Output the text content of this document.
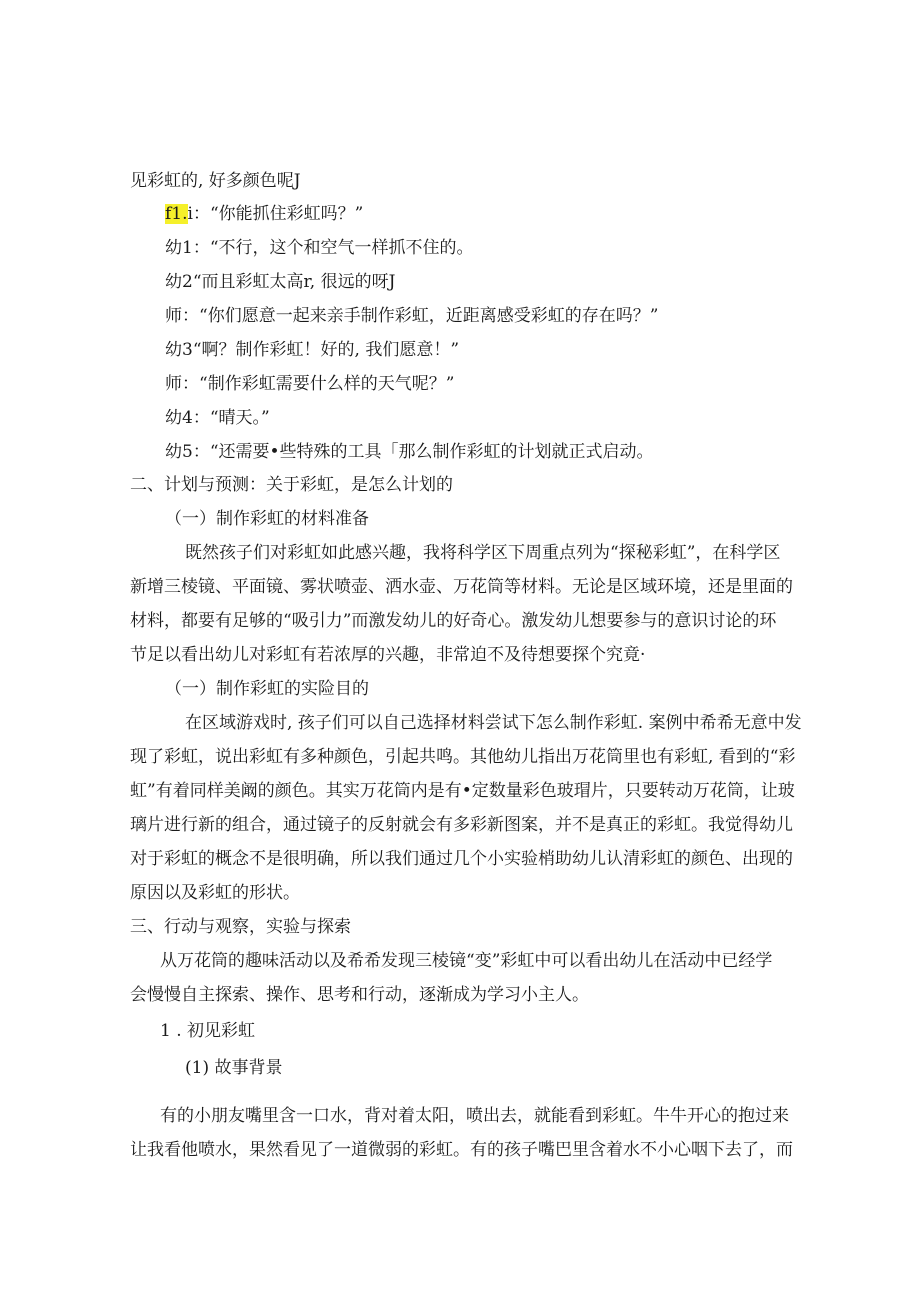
见彩虹的, 好多颜色呢J

f1.i：“你能抓住彩虹吗？”

幼1：“不行，这个和空气一样抓不住的。

幼2“而且彩虹太高r, 很远的呀J

师：“你们愿意一起来亲手制作彩虹，近距离感受彩虹的存在吗？”

幼3“啊？制作彩虹！好的, 我们愿意！”

师：“制作彩虹需要什么样的天气呢？”

幼4：“晴天。”

幼5：“还需要•些特殊的工具「那么制作彩虹的计划就正式启动。

二、计划与预测：关于彩虹，是怎么计划的

（一）制作彩虹的材料准备

既然孩子们对彩虹如此感兴趣，我将科学区下周重点列为“探秘彩虹”，在科学区

新增三棱镜、平面镜、雾状喷壶、洒水壶、万花筒等材料。无论是区域环境，还是里面的

材料，都要有足够的“吸引力”而激发幼儿的好奇心。激发幼儿想要参与的意识讨论的环

节足以看出幼儿对彩虹有若浓厚的兴趣，非常迫不及待想要探个究竟·

（一）制作彩虹的实险目的

在区域游戏时, 孩子们可以自己选择材料尝试下怎么制作彩虹. 案例中希希无意中发

现了彩虹，说出彩虹有多种颜色，引起共鸣。其他幼儿指出万花筒里也有彩虹, 看到的“彩

虹”有着同样美阚的颜色。其实万花筒内是有•定数量彩色玻瑁片，只要转动万花筒，让玻

璃片进行新的组合，通过镜子的反射就会有多彩新图案，并不是真正的彩虹。我觉得幼儿

对于彩虹的概念不是很明确，所以我们通过几个小实验梢助幼儿认清彩虹的颜色、出现的

原因以及彩虹的形状。

三、行动与观察，实验与探索

从万花筒的趣味活动以及希希发现三棱镜“变”彩虹中可以看出幼儿在活动中已经学

会慢慢自主探索、操作、思考和行动，逐渐成为学习小主人。

1 . 初见彩虹

(1) 故事背景

有的小朋友嘴里含一口水，背对着太阳，喷出去，就能看到彩虹。牛牛开心的抱过来

让我看他喷水，果然看见了一道微弱的彩虹。有的孩子嘴巴里含着水不小心咽下去了，而
